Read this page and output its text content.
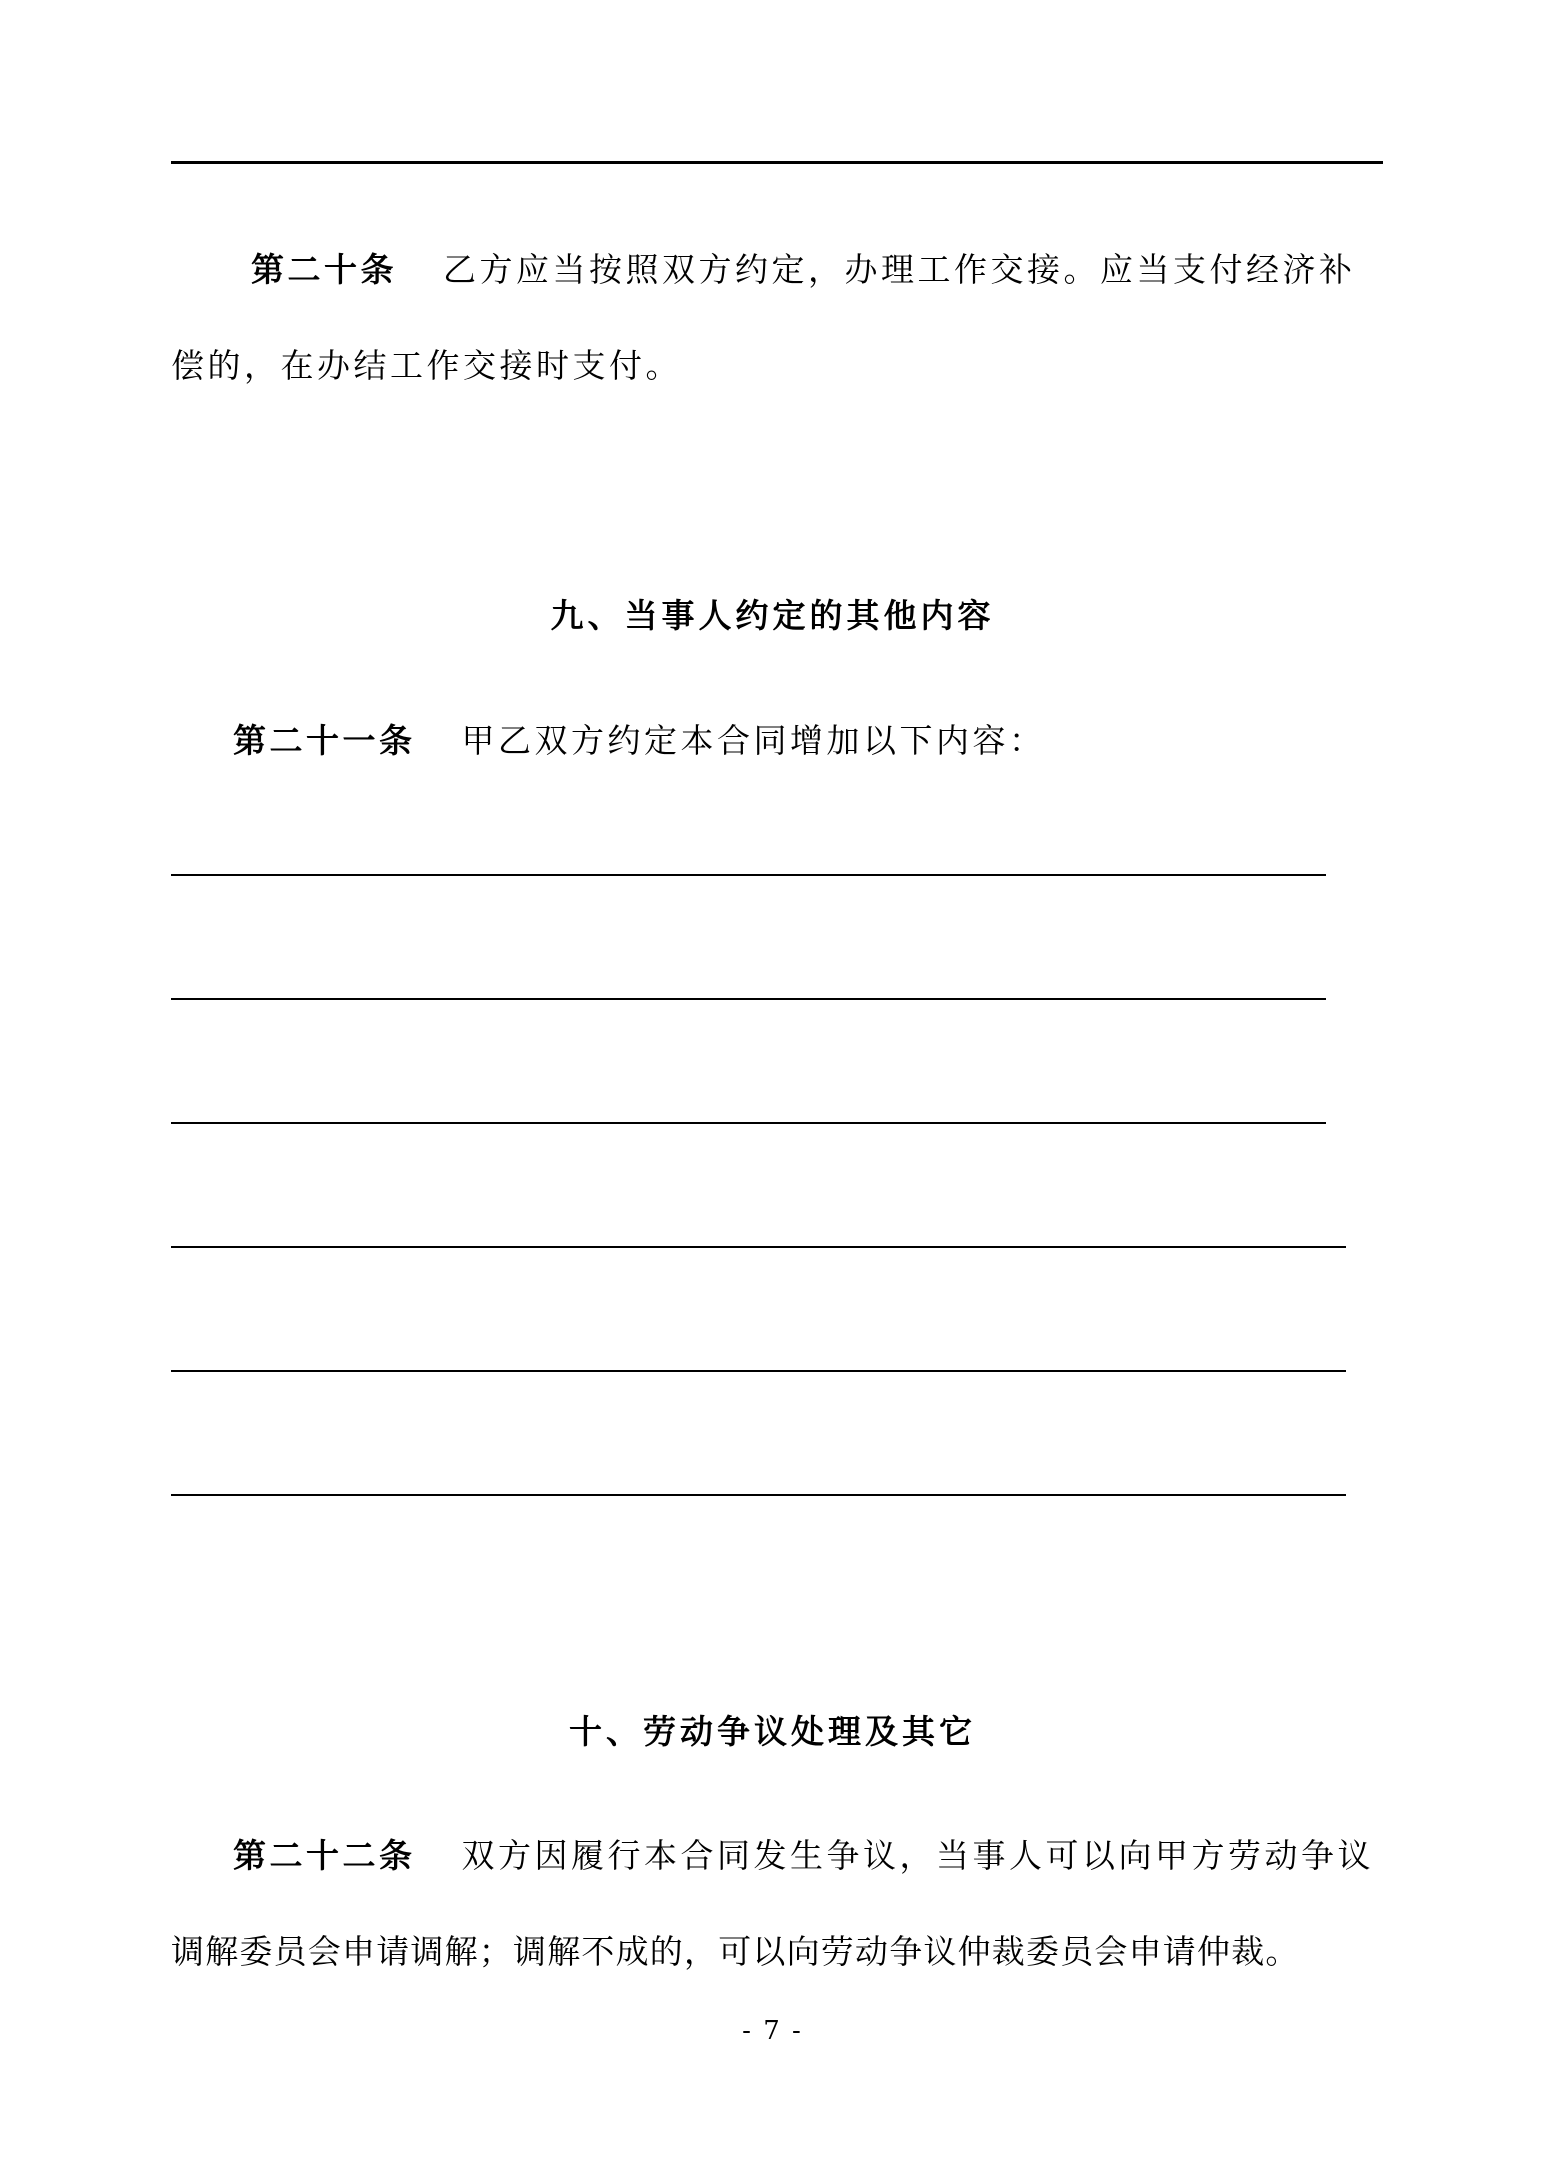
第二十条 乙方应当按照双方约定，办理工作交接。应当支付经济补
偿的，在办结工作交接时支付。
九、当事人约定的其他内容
第二十一条 甲乙双方约定本合同增加以下内容：
十、劳动争议处理及其它
第二十二条 双方因履行本合同发生争议，当事人可以向甲方劳动争议
调解委员会申请调解；调解不成的，可以向劳动争议仲裁委员会申请仲裁。
- 7 -
